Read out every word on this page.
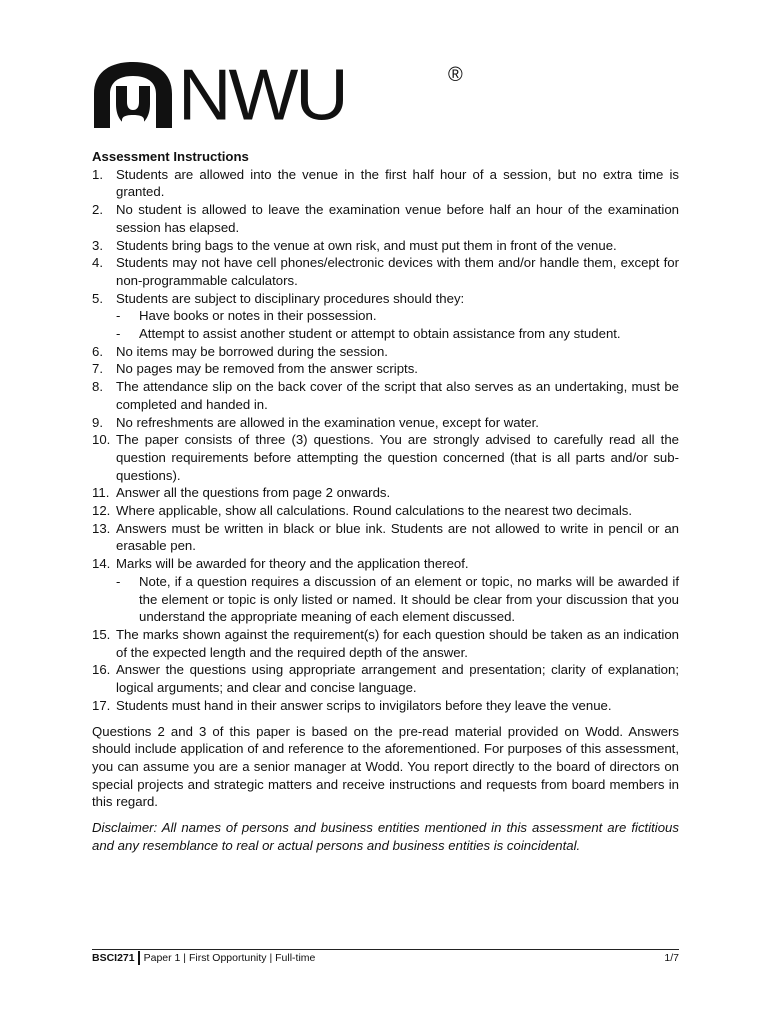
NWU	®

Assessment Instructions

1. Students are allowed into the venue in the first half hour of a session, but no extra time is granted.
2. No student is allowed to leave the examination venue before half an hour of the examination session has elapsed.
3. Students bring bags to the venue at own risk, and must put them in front of the venue.
4. Students may not have cell phones/electronic devices with them and/or handle them, except for non-programmable calculators.
5. Students are subject to disciplinary procedures should they:
- Have books or notes in their possession.
- Attempt to assist another student or attempt to obtain assistance from any student.
6. No items may be borrowed during the session.
7. No pages may be removed from the answer scripts.
8. The attendance slip on the back cover of the script that also serves as an undertaking, must be completed and handed in.
9. No refreshments are allowed in the examination venue, except for water.
10. The paper consists of three (3) questions. You are strongly advised to carefully read all the question requirements before attempting the question concerned (that is all parts and/or sub-questions).
11. Answer all the questions from page 2 onwards.
12. Where applicable, show all calculations. Round calculations to the nearest two decimals.
13. Answers must be written in black or blue ink. Students are not allowed to write in pencil or an erasable pen.
14. Marks will be awarded for theory and the application thereof.
- Note, if a question requires a discussion of an element or topic, no marks will be awarded if the element or topic is only listed or named. It should be clear from your discussion that you understand the appropriate meaning of each element discussed.
15. The marks shown against the requirement(s) for each question should be taken as an indication of the expected length and the required depth of the answer.
16. Answer the questions using appropriate arrangement and presentation; clarity of explanation; logical arguments; and clear and concise language.
17. Students must hand in their answer scrips to invigilators before they leave the venue.

Questions 2 and 3 of this paper is based on the pre-read material provided on Wodd. Answers should include application of and reference to the aforementioned. For purposes of this assessment, you can assume you are a senior manager at Wodd. You report directly to the board of directors on special projects and strategic matters and receive instructions and requests from board members in this regard.

Disclaimer: All names of persons and business entities mentioned in this assessment are fictitious and any resemblance to real or actual persons and business entities is coincidental.

BSCI271 Paper 1 | First Opportunity | Full-time	1/7
